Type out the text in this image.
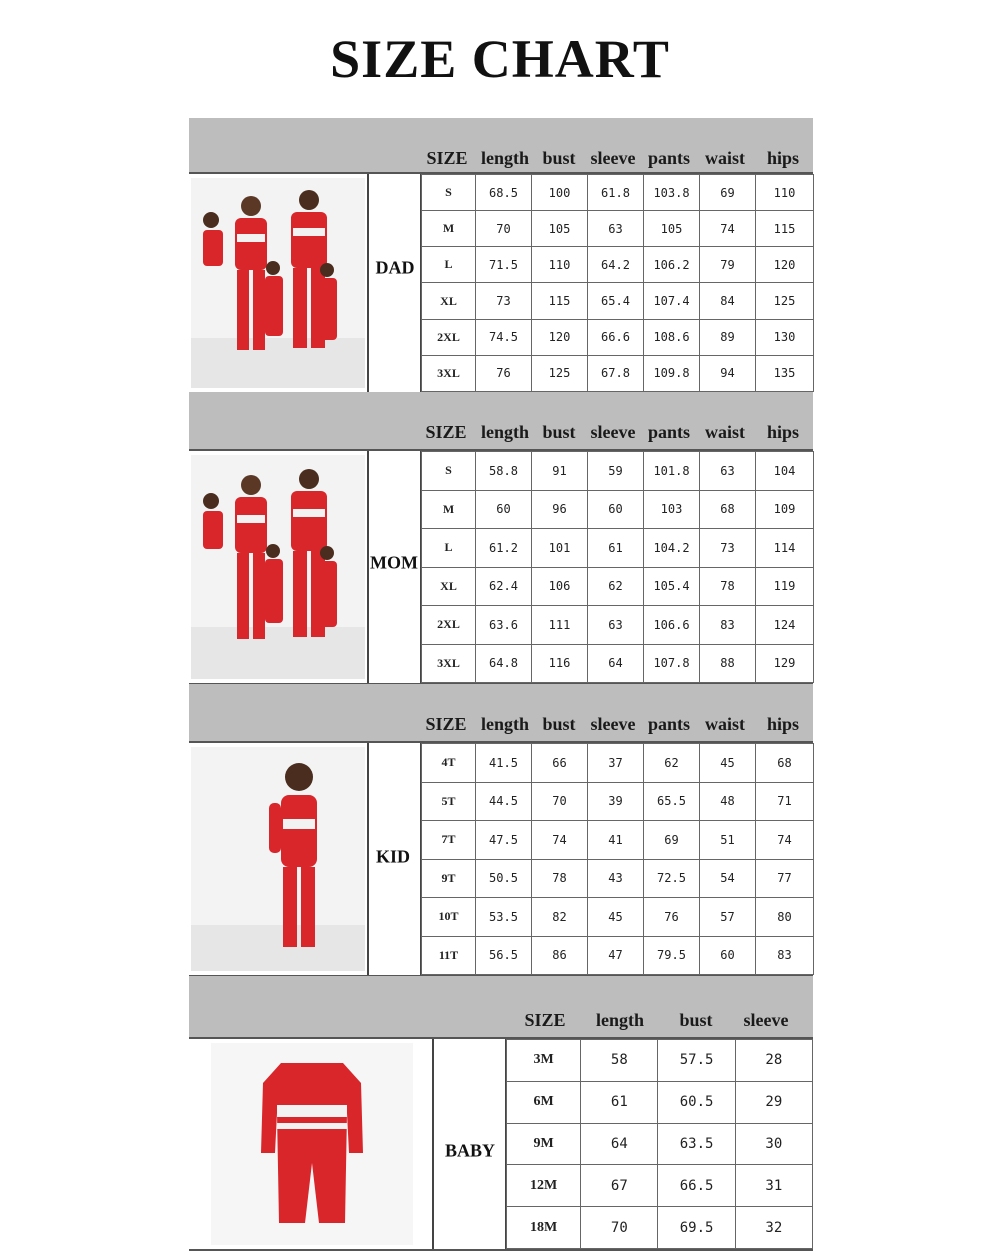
SIZE CHART
SIZE length bust sleeve pants waist hips
DAD
S	68.5	100	61.8	103.8	69	110
M	70	105	63	105	74	115
L	71.5	110	64.2	106.2	79	120
XL	73	115	65.4	107.4	84	125
2XL	74.5	120	66.6	108.6	89	130
3XL	76	125	67.8	109.8	94	135
SIZE length bust sleeve pants waist hips
MOM
S	58.8	91	59	101.8	63	104
M	60	96	60	103	68	109
L	61.2	101	61	104.2	73	114
XL	62.4	106	62	105.4	78	119
2XL	63.6	111	63	106.6	83	124
3XL	64.8	116	64	107.8	88	129
SIZE length bust sleeve pants waist hips
KID
4T	41.5	66	37	62	45	68
5T	44.5	70	39	65.5	48	71
7T	47.5	74	41	69	51	74
9T	50.5	78	43	72.5	54	77
10T	53.5	82	45	76	57	80
11T	56.5	86	47	79.5	60	83
SIZE length bust sleeve
BABY
3M	58	57.5	28
6M	61	60.5	29
9M	64	63.5	30
12M	67	66.5	31
18M	70	69.5	32
